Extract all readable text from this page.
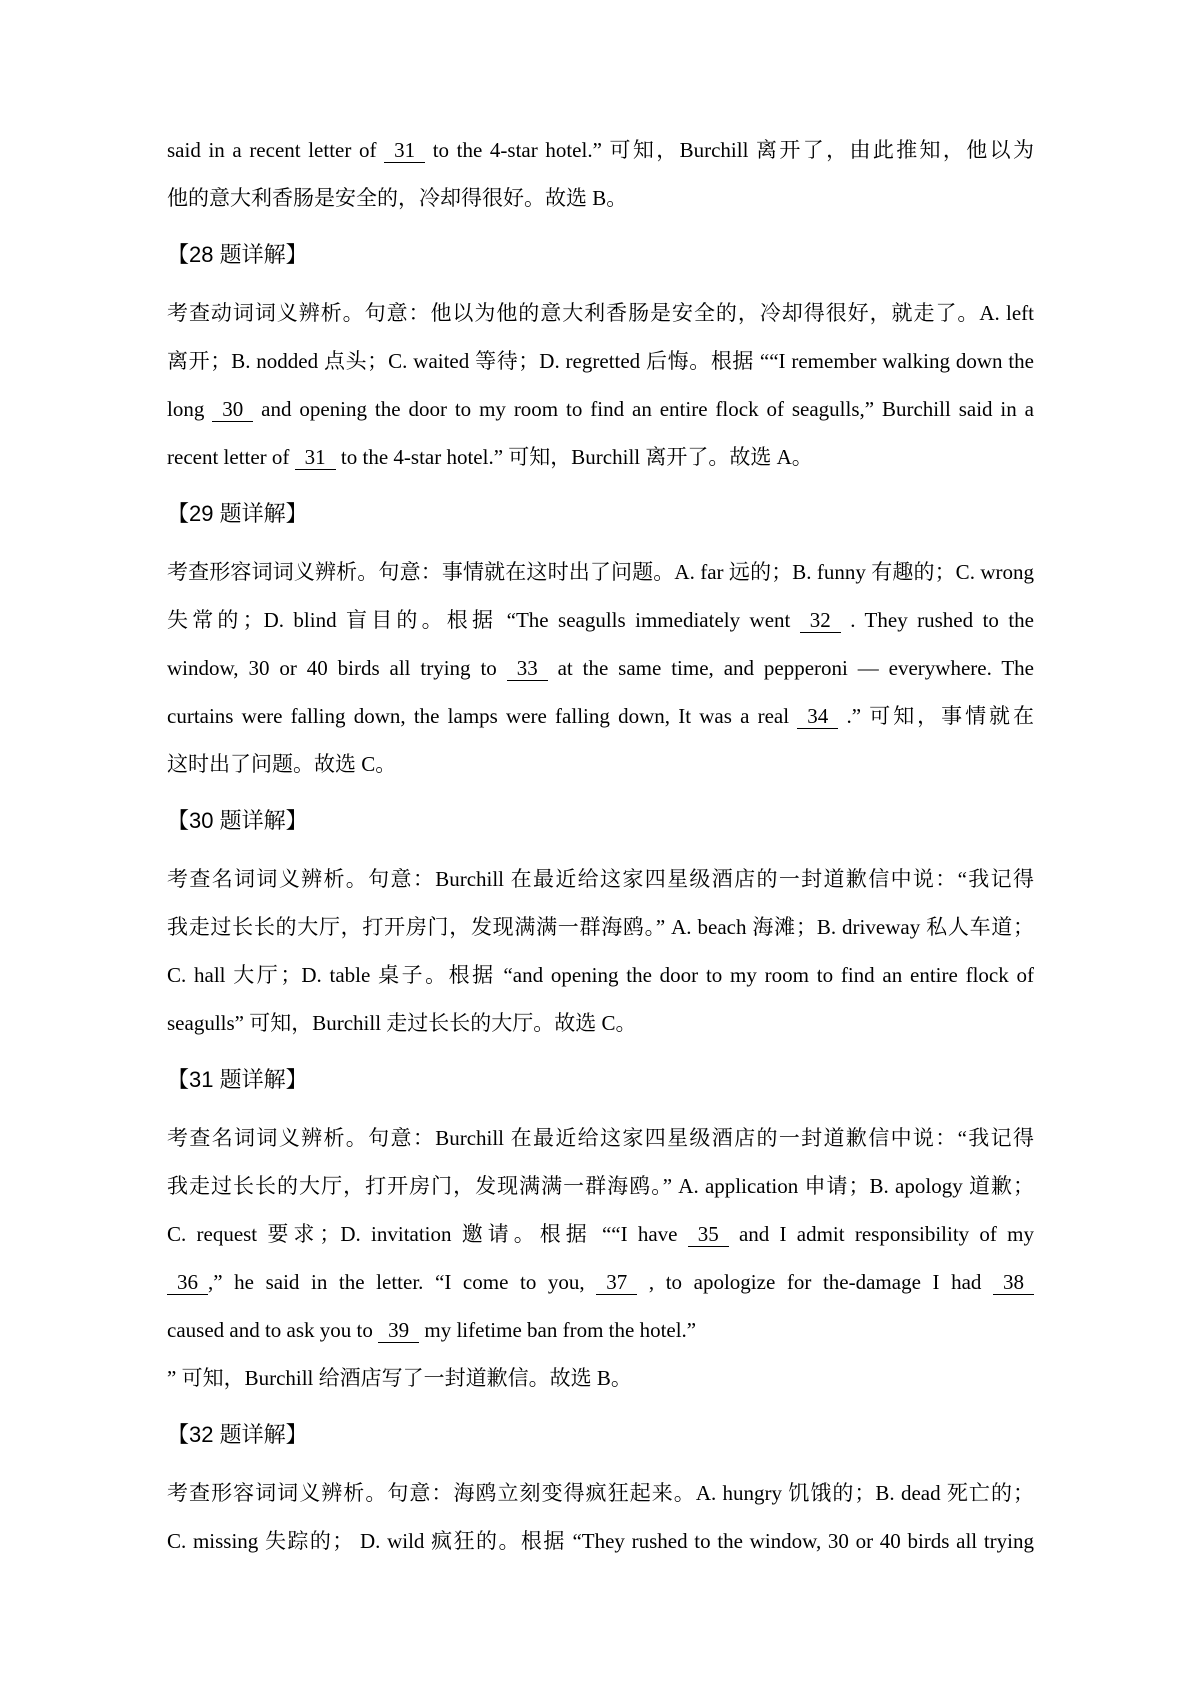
said in a recent letter of 31 to the 4-star hotel.” 可知，Burchill 离开了，由此推知，他以为
他的意大利香肠是安全的，冷却得很好。故选 B。
【28 题详解】
考查动词词义辨析。句意：他以为他的意大利香肠是安全的，冷却得很好，就走了。A. left
离开；B. nodded 点头；C. waited 等待；D. regretted 后悔。根据 ““I remember walking down the
long 30 and opening the door to my room to find an entire flock of seagulls,” Burchill said in a
recent letter of 31 to the 4-star hotel.” 可知，Burchill 离开了。故选 A。
【29 题详解】
考查形容词词义辨析。句意：事情就在这时出了问题。A. far 远的；B. funny 有趣的；C. wrong
失常的；D. blind 盲目的。根据 “The seagulls immediately went 32 . They rushed to the
window, 30 or 40 birds all trying to 33 at the same time, and pepperoni — everywhere. The
curtains were falling down, the lamps were falling down, It was a real 34 .” 可知，事情就在
这时出了问题。故选 C。
【30 题详解】
考查名词词义辨析。句意：Burchill 在最近给这家四星级酒店的一封道歉信中说：“我记得
我走过长长的大厅，打开房门，发现满满一群海鸥。” A. beach 海滩；B. driveway 私人车道；
C. hall 大厅；D. table 桌子。根据 “and opening the door to my room to find an entire flock of
seagulls” 可知，Burchill 走过长长的大厅。故选 C。
【31 题详解】
考查名词词义辨析。句意：Burchill 在最近给这家四星级酒店的一封道歉信中说：“我记得
我走过长长的大厅，打开房门，发现满满一群海鸥。” A. application 申请；B. apology 道歉；
C. request 要求；D. invitation 邀请。根据 ““I have 35 and I admit responsibility of my
36 ,” he said in the letter. “I come to you, 37 , to apologize for the-damage I had 38
caused and to ask you to 39 my lifetime ban from the hotel.”
” 可知，Burchill 给酒店写了一封道歉信。故选 B。
【32 题详解】
考查形容词词义辨析。句意：海鸥立刻变得疯狂起来。A. hungry 饥饿的；B. dead 死亡的；
C. missing 失踪的； D. wild 疯狂的。根据 “They rushed to the window, 30 or 40 birds all trying
